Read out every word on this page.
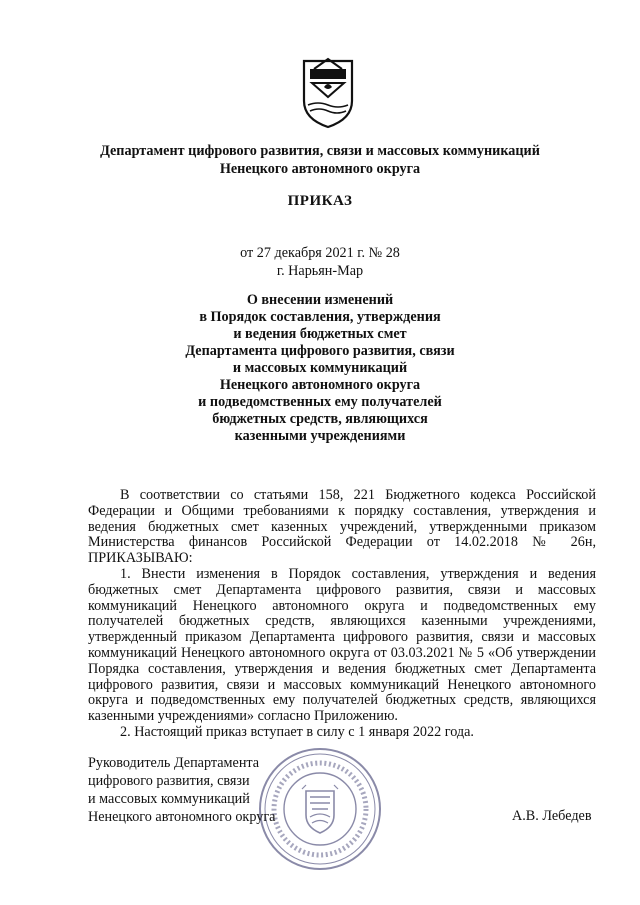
Департамент цифрового развития, связи и массовых коммуникаций
Ненецкого автономного округа
ПРИКАЗ
от 27 декабря 2021 г. № 28
г. Нарьян-Мар
О внесении изменений
в Порядок составления, утверждения
и ведения бюджетных смет
Департамента цифрового развития, связи
и массовых коммуникаций
Ненецкого автономного округа
и подведомственных ему получателей
бюджетных средств, являющихся
казенными учреждениями

В соответствии со статьями 158, 221 Бюджетного кодекса Российской Федерации и Общими требованиями к порядку составления, утверждения и ведения бюджетных смет казенных учреждений, утвержденными приказом Министерства финансов Российской Федерации от 14.02.2018 № 26н, ПРИКАЗЫВАЮ:

1. Внести изменения в Порядок составления, утверждения и ведения бюджетных смет Департамента цифрового развития, связи и массовых коммуникаций Ненецкого автономного округа и подведомственных ему получателей бюджетных средств, являющихся казенными учреждениями, утвержденный приказом Департамента цифрового развития, связи и массовых коммуникаций Ненецкого автономного округа от 03.03.2021 № 5 «Об утверждении Порядка составления, утверждения и ведения бюджетных смет Департамента цифрового развития, связи и массовых коммуникаций Ненецкого автономного округа и подведомственных ему получателей бюджетных средств, являющихся казенными учреждениями» согласно Приложению.

2. Настоящий приказ вступает в силу с 1 января 2022 года.

Руководитель Департамента
цифрового развития, связи
и массовых коммуникаций
Ненецкого автономного округа	А.В. Лебедев
